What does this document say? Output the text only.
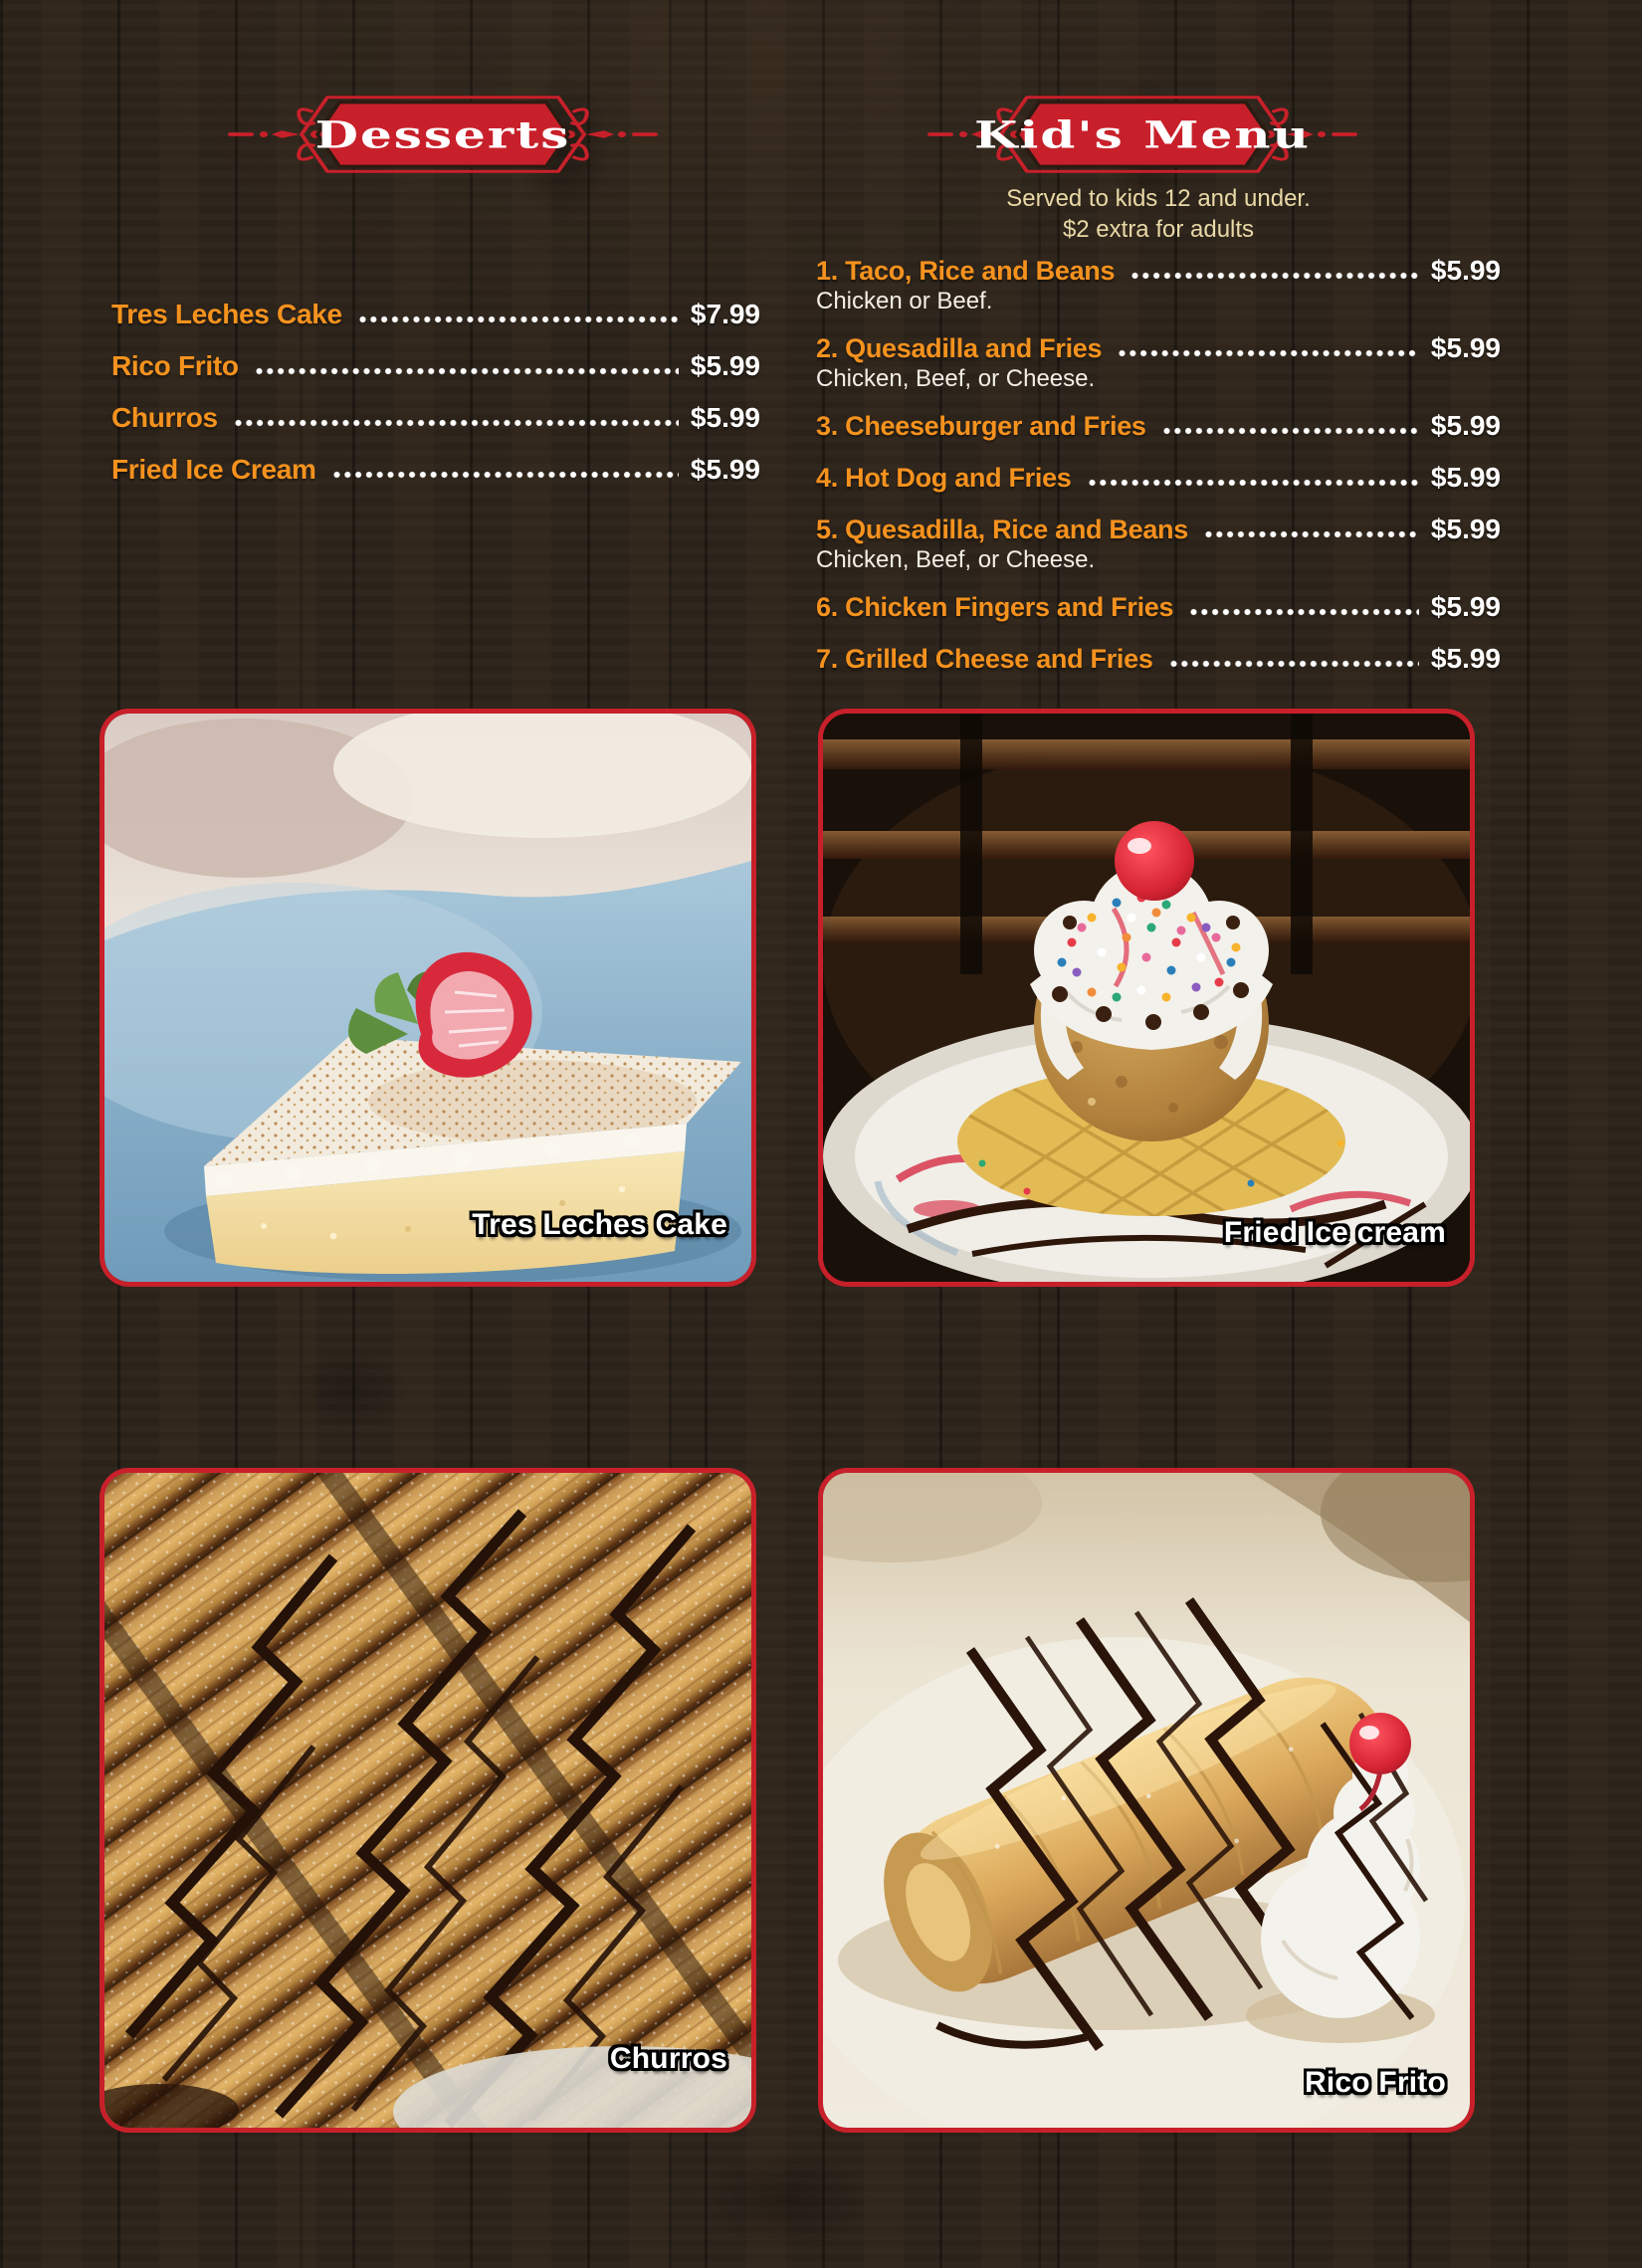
Desserts	Kid's Menu
Served to kids 12 and under.
$2 extra for adults
Tres Leches Cake	$7.99
Rico Frito	$5.99
Churros	$5.99
Fried Ice Cream	$5.99
1. Taco, Rice and Beans	$5.99
Chicken or Beef.
2. Quesadilla and Fries	$5.99
Chicken, Beef, or Cheese.
3. Cheeseburger and Fries	$5.99
4. Hot Dog and Fries	$5.99
5. Quesadilla, Rice and Beans	$5.99
Chicken, Beef, or Cheese.
6. Chicken Fingers and Fries	$5.99
7. Grilled Cheese and Fries	$5.99
Tres Leches Cake	Fried Ice cream
Churros
Rico Frito
